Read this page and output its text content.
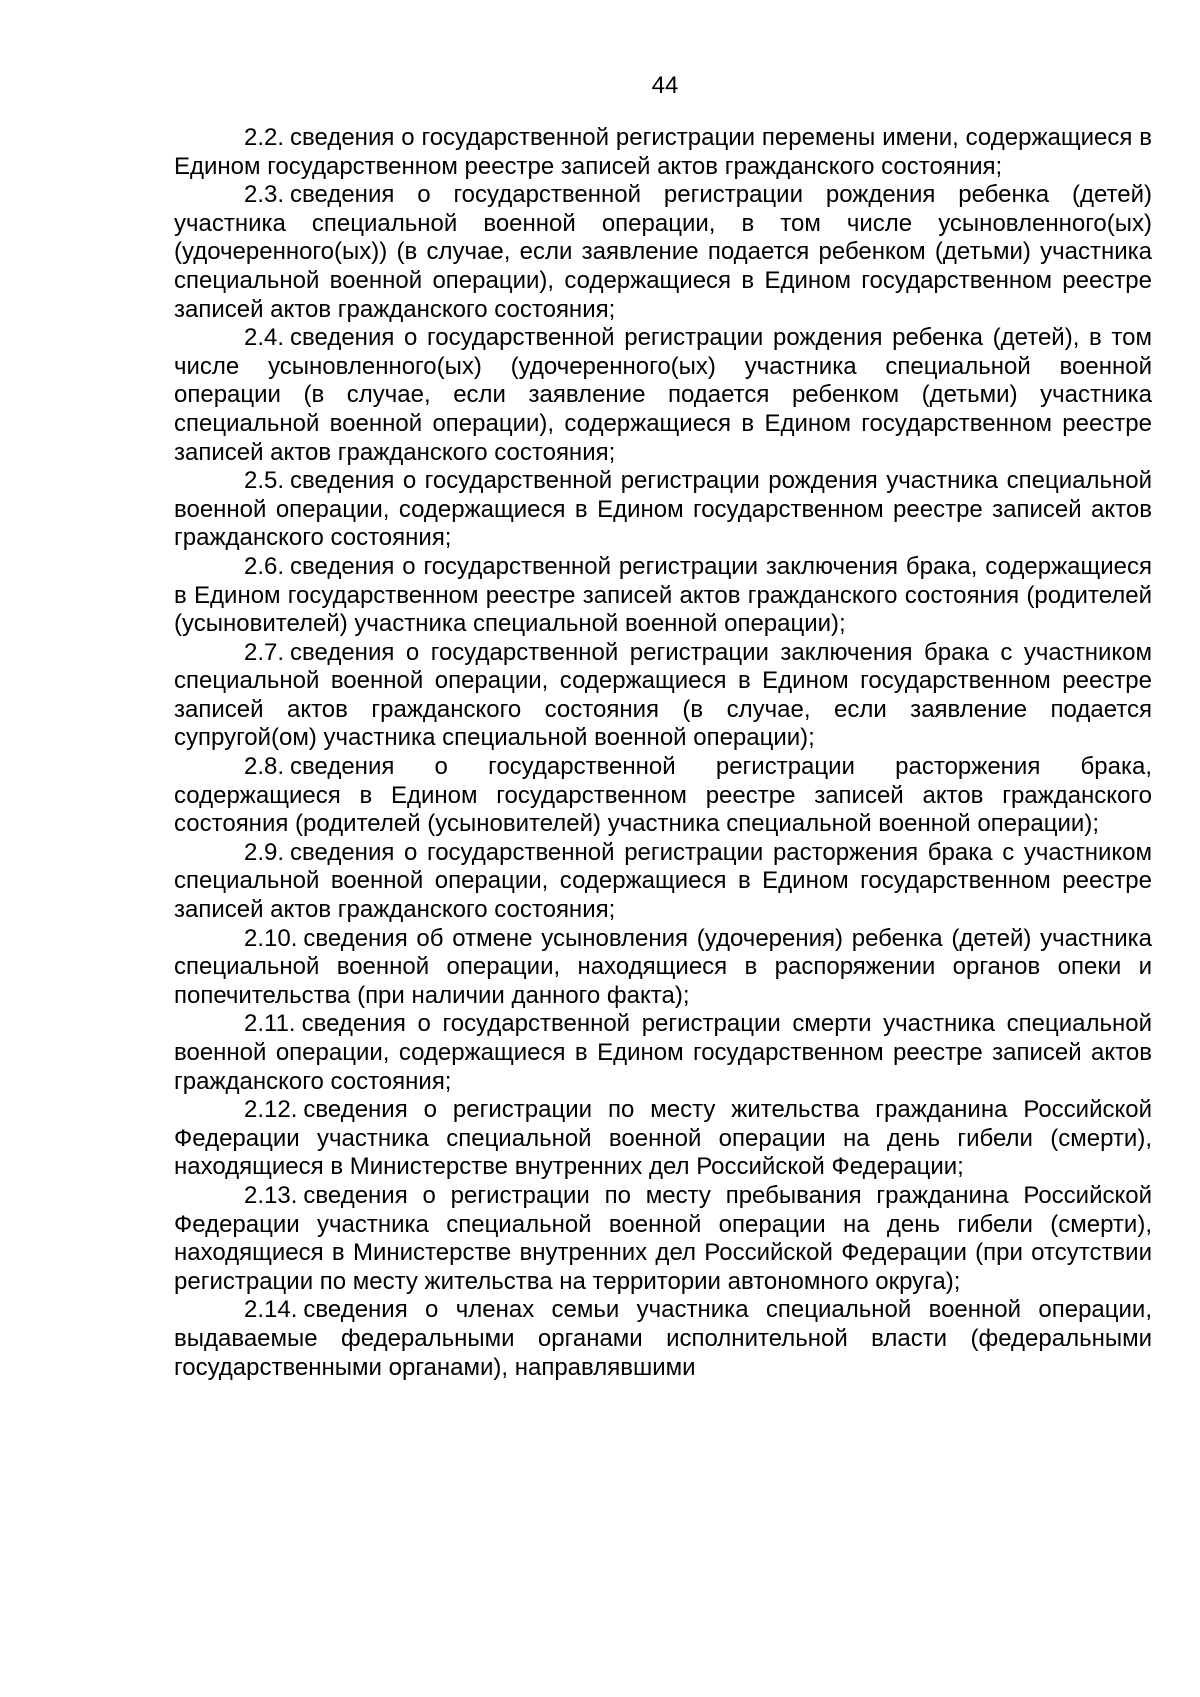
44

2.2. сведения о государственной регистрации перемены имени, содержащиеся в Едином государственном реестре записей актов гражданского состояния;

2.3. сведения о государственной регистрации рождения ребенка (детей) участника специальной военной операции, в том числе усыновленного(ых) (удочеренного(ых)) (в случае, если заявление подается ребенком (детьми) участника специальной военной операции), содержащиеся в Едином государственном реестре записей актов гражданского состояния;

2.4. сведения о государственной регистрации рождения ребенка (детей), в том числе усыновленного(ых) (удочеренного(ых) участника специальной военной операции (в случае, если заявление подается ребенком (детьми) участника специальной военной операции), содержащиеся в Едином государственном реестре записей актов гражданского состояния;

2.5. сведения о государственной регистрации рождения участника специальной военной операции, содержащиеся в Едином государственном реестре записей актов гражданского состояния;

2.6. сведения о государственной регистрации заключения брака, содержащиеся в Едином государственном реестре записей актов гражданского состояния (родителей (усыновителей) участника специальной военной операции);

2.7. сведения о государственной регистрации заключения брака с участником специальной военной операции, содержащиеся в Едином государственном реестре записей актов гражданского состояния (в случае, если заявление подается супругой(ом) участника специальной военной операции);

2.8. сведения о государственной регистрации расторжения брака, содержащиеся в Едином государственном реестре записей актов гражданского состояния (родителей (усыновителей) участника специальной военной операции);

2.9. сведения о государственной регистрации расторжения брака с участником специальной военной операции, содержащиеся в Едином государственном реестре записей актов гражданского состояния;

2.10. сведения об отмене усыновления (удочерения) ребенка (детей) участника специальной военной операции, находящиеся в распоряжении органов опеки и попечительства (при наличии данного факта);

2.11. сведения о государственной регистрации смерти участника специальной военной операции, содержащиеся в Едином государственном реестре записей актов гражданского состояния;

2.12. сведения о регистрации по месту жительства гражданина Российской Федерации участника специальной военной операции на день гибели (смерти), находящиеся в Министерстве внутренних дел Российской Федерации;

2.13. сведения о регистрации по месту пребывания гражданина Российской Федерации участника специальной военной операции на день гибели (смерти), находящиеся в Министерстве внутренних дел Российской Федерации (при отсутствии регистрации по месту жительства на территории автономного округа);

2.14. сведения о членах семьи участника специальной военной операции, выдаваемые федеральными органами исполнительной власти (федеральными государственными органами), направлявшими
